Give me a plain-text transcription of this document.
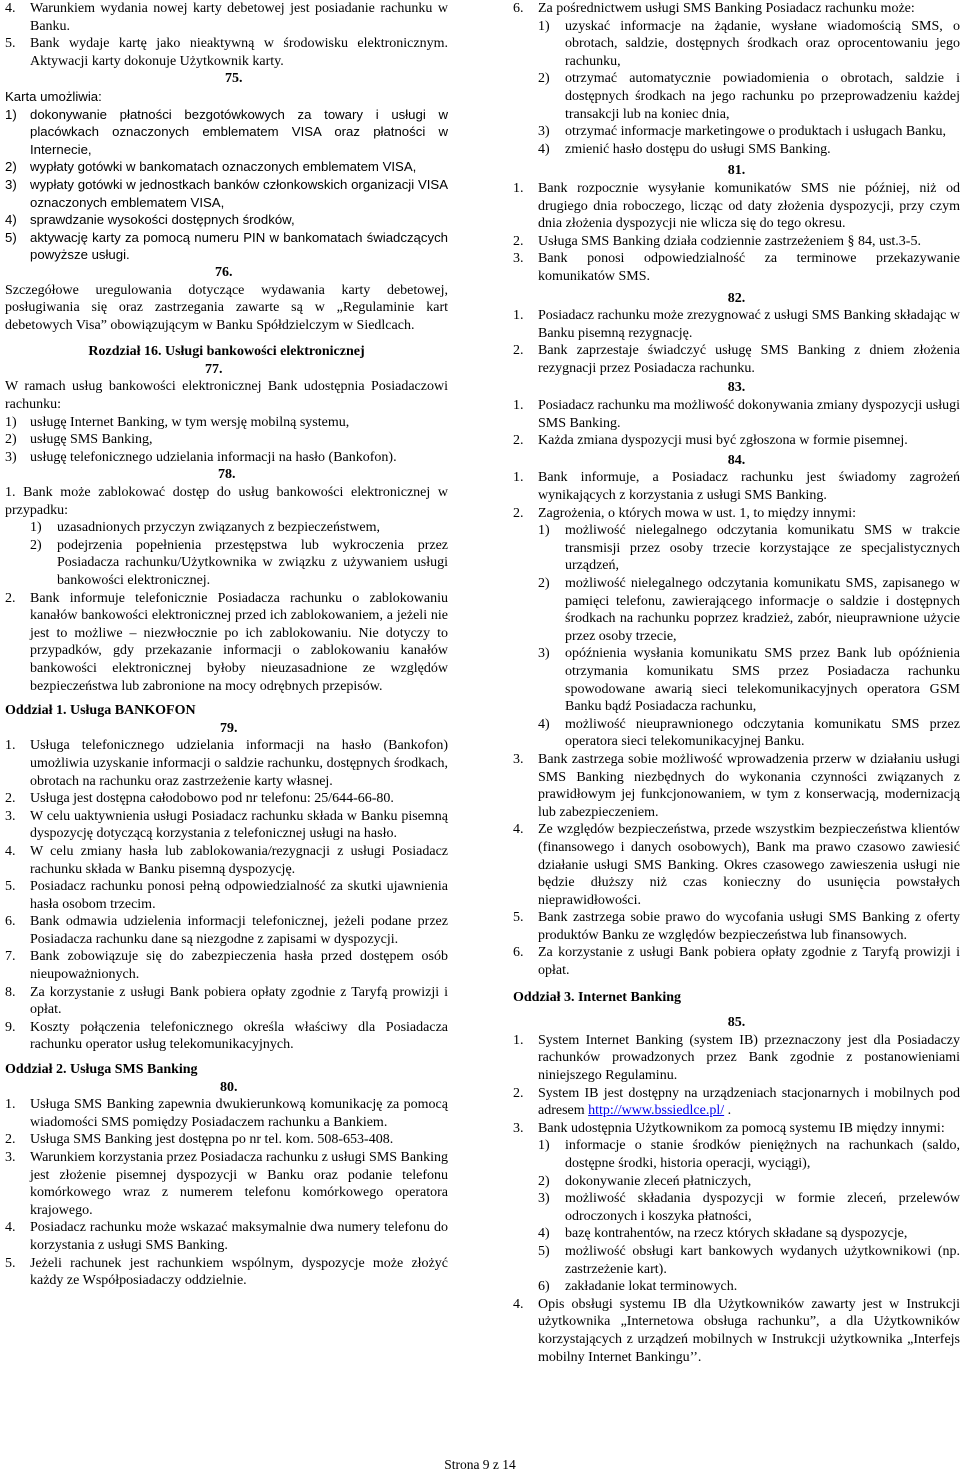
4.	Warunkiem wydania nowej karty debetowej jest posiadanie rachunku w Banku.
5.	Bank wydaje kartę jako nieaktywną w środowisku elektronicznym. Aktywacji karty dokonuje Użytkownik karty.

75.

Karta umożliwia:

1)	dokonywanie płatności bezgotówkowych za towary i usługi w placówkach oznaczonych emblematem VISA oraz płatności w Internecie,
2)	wypłaty gotówki w bankomatach oznaczonych emblematem VISA,
3)	wypłaty gotówki w jednostkach banków członkowskich organizacji VISA oznaczonych emblematem VISA,
4)	sprawdzanie wysokości dostępnych środków,
5)	aktywację karty za pomocą numeru PIN w bankomatach świadczących powyższe usługi.

76.

Szczegółowe uregulowania dotyczące wydawania karty debetowej, posługiwania się oraz zastrzegania zawarte są w „Regulaminie kart debetowych Visa” obowiązującym w Banku Spółdzielczym w Siedlcach.

Rozdział 16. Usługi bankowości elektronicznej

77.

W ramach usług bankowości elektronicznej Bank udostępnia Posiadaczowi rachunku:

1) usługę Internet Banking, w tym wersję mobilną systemu,
2) usługę SMS Banking,
3) usługę telefonicznego udzielania informacji na hasło (Bankofon).

78.

1. Bank może zablokować dostęp do usług bankowości elektronicznej w przypadku:

1)	uzasadnionych przyczyn związanych z bezpieczeństwem,
2)	podejrzenia popełnienia przestępstwa lub wykroczenia przez Posiadacza rachunku/Użytkownika w związku z używaniem usługi bankowości elektronicznej.
2.	Bank informuje telefonicznie Posiadacza rachunku o zablokowaniu kanałów bankowości elektronicznej przed ich zablokowaniem, a jeżeli nie jest to możliwe – niezwłocznie po ich zablokowaniu. Nie dotyczy to przypadków, gdy przekazanie informacji o zablokowaniu kanałów bankowości elektronicznej byłoby nieuzasadnione ze względów bezpieczeństwa lub zabronione na mocy odrębnych przepisów.

Oddział 1. Usługa BANKOFON

79.

1.	Usługa telefonicznego udzielania informacji na hasło (Bankofon) umożliwia uzyskanie informacji o saldzie rachunku, dostępnych środkach, obrotach na rachunku oraz zastrzeżenie karty własnej.
2.	Usługa jest dostępna całodobowo pod nr telefonu: 25/644-66-80.
3.	W celu uaktywnienia usługi Posiadacz rachunku składa w Banku pisemną dyspozycję dotyczącą korzystania z telefonicznej usługi na hasło.
4.	W celu zmiany hasła lub zablokowania/rezygnacji z usługi Posiadacz rachunku składa w Banku pisemną dyspozycję.
5.	Posiadacz rachunku ponosi pełną odpowiedzialność za skutki ujawnienia hasła osobom trzecim.
6.	Bank odmawia udzielenia informacji telefonicznej, jeżeli podane przez Posiadacza rachunku dane są niezgodne z zapisami w dyspozycji.
7.	Bank zobowiązuje się do zabezpieczenia hasła przed dostępem osób nieupoważnionych.
8.	Za korzystanie z usługi Bank pobiera opłaty zgodnie z Taryfą prowizji i opłat.
9.	Koszty połączenia telefonicznego określa właściwy dla Posiadacza rachunku operator usług telekomunikacyjnych.

Oddział 2. Usługa SMS Banking

80.

1.	Usługa SMS Banking zapewnia dwukierunkową komunikację za pomocą wiadomości SMS pomiędzy Posiadaczem rachunku a Bankiem.
2.	Usługa SMS Banking jest dostępna po nr tel. kom. 508-653-408.
3.	Warunkiem korzystania przez Posiadacza rachunku z usługi SMS Banking jest złożenie pisemnej dyspozycji w Banku oraz podanie telefonu komórkowego wraz z numerem telefonu komórkowego operatora krajowego.
4.	Posiadacz rachunku może wskazać maksymalnie dwa numery telefonu do korzystania z usługi SMS Banking.
5.	Jeżeli rachunek jest rachunkiem wspólnym, dyspozycje może złożyć każdy ze Współposiadaczy oddzielnie.
6.	Za pośrednictwem usługi SMS Banking Posiadacz rachunku może:
1)	uzyskać informacje na żądanie, wysłane wiadomością SMS, o obrotach, saldzie, dostępnych środkach oraz oprocentowaniu jego rachunku,
2)	otrzymać automatycznie powiadomienia o obrotach, saldzie i dostępnych środkach na jego rachunku po przeprowadzeniu każdej transakcji lub na koniec dnia,
3)	otrzymać informacje marketingowe o produktach i usługach Banku,
4)	zmienić hasło dostępu do usługi SMS Banking.

81.

1.	Bank rozpocznie wysyłanie komunikatów SMS nie później, niż od drugiego dnia roboczego, licząc od daty złożenia dyspozycji, przy czym dnia złożenia dyspozycji nie wlicza się do tego okresu.
2.	Usługa SMS Banking działa codziennie zastrzeżeniem § 84, ust.3-5.
3.	Bank ponosi odpowiedzialność za terminowe przekazywanie komunikatów SMS.

82.

1.	Posiadacz rachunku może zrezygnować z usługi SMS Banking składając w Banku pisemną rezygnację.
2.	Bank zaprzestaje świadczyć usługę SMS Banking z dniem złożenia rezygnacji przez Posiadacza rachunku.

83.

1.	Posiadacz rachunku ma możliwość dokonywania zmiany dyspozycji usługi SMS Banking.
2.	Każda zmiana dyspozycji musi być zgłoszona w formie pisemnej.

84.

1.	Bank informuje, a Posiadacz rachunku jest świadomy zagrożeń wynikających z korzystania z usługi SMS Banking.
2.	Zagrożenia, o których mowa w ust. 1, to między innymi:
1)	możliwość nielegalnego odczytania komunikatu SMS w trakcie transmisji przez osoby trzecie korzystające ze specjalistycznych urządzeń,
2)	możliwość nielegalnego odczytania komunikatu SMS, zapisanego w pamięci telefonu, zawierającego informacje o saldzie i dostępnych środkach na rachunku poprzez kradzież, zabór, nieuprawnione użycie przez osoby trzecie,
3)	opóźnienia wysłania komunikatu SMS przez Bank lub opóźnienia otrzymania komunikatu SMS przez Posiadacza rachunku spowodowane awarią sieci telekomunikacyjnych operatora GSM Banku bądź Posiadacza rachunku,
4)	możliwość nieuprawnionego odczytania komunikatu SMS przez operatora sieci telekomunikacyjnej Banku.
3.	Bank zastrzega sobie możliwość wprowadzenia przerw w działaniu usługi SMS Banking niezbędnych do wykonania czynności związanych z prawidłowym jej funkcjonowaniem, w tym z konserwacją, modernizacją lub zabezpieczeniem.
4.	Ze względów bezpieczeństwa, przede wszystkim bezpieczeństwa klientów (finansowego i danych osobowych), Bank ma prawo czasowo zawiesić działanie usługi SMS Banking. Okres czasowego zawieszenia usługi nie będzie dłuższy niż czas konieczny do usunięcia powstałych nieprawidłowości.
5.	Bank zastrzega sobie prawo do wycofania usługi SMS Banking z oferty produktów Banku ze względów bezpieczeństwa lub finansowych.
6.	Za korzystanie z usługi Bank pobiera opłaty zgodnie z Taryfą prowizji i opłat.

Oddział 3. Internet Banking

85.

1.	System Internet Banking (system IB) przeznaczony jest dla Posiadaczy rachunków prowadzonych przez Bank zgodnie z postanowieniami niniejszego Regulaminu.
2.	System IB jest dostępny na urządzeniach stacjonarnych i mobilnych pod adresem http://www.bssiedlce.pl/ .
3.	Bank udostępnia Użytkownikom za pomocą systemu IB między innymi:
1)	informacje o stanie środków pieniężnych na rachunkach (saldo, dostępne środki, historia operacji, wyciągi),
2)	dokonywanie zleceń płatniczych,
3)	możliwość składania dyspozycji w formie zleceń, przelewów odroczonych i koszyka płatności,
4)	bazę kontrahentów, na rzecz których składane są dyspozycje,
5)	możliwość obsługi kart bankowych wydanych użytkownikowi (np. zastrzeżenie kart).
6)	zakładanie lokat terminowych.
4.	Opis obsługi systemu IB dla Użytkowników zawarty jest w Instrukcji użytkownika „Internetowa obsługa rachunku”, a dla Użytkowników korzystających z urządzeń mobilnych w Instrukcji użytkownika „Interfejs mobilny Internet Bankingu’’.
Strona 9 z 14
